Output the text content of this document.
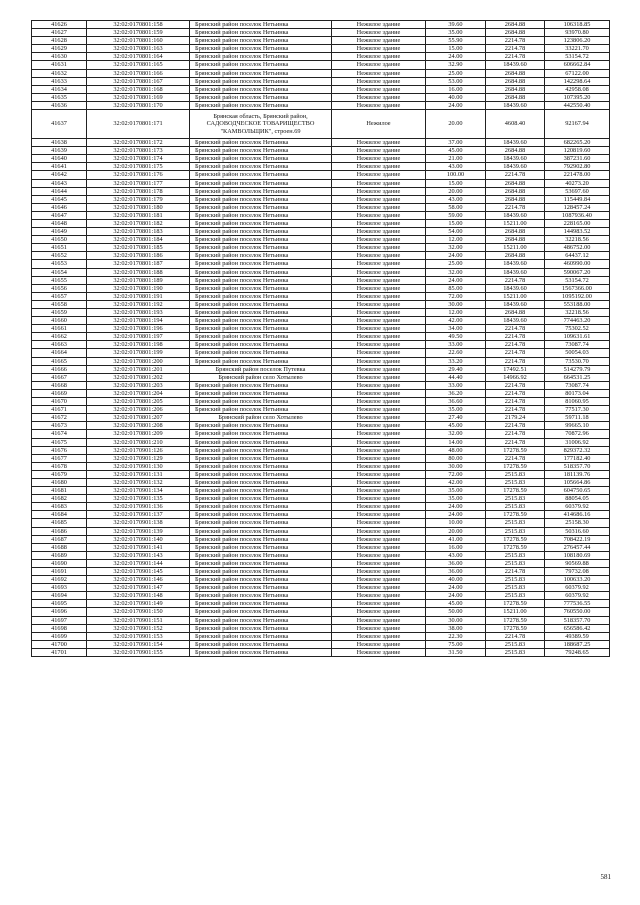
41626	32:02:0170801:158	Брянский район поселок Нетьинка	Нежилое здание	39.60	2684.88	106318.85
41627	32:02:0170801:159	Брянский район поселок Нетьинка	Нежилое здание	35.00	2684.88	93970.80
41628	32:02:0170801:160	Брянский район поселок Нетьинка	Нежилое здание	55.90	2214.78	123806.20
41629	32:02:0170801:163	Брянский район поселок Нетьинка	Нежилое здание	15.00	2214.78	33221.70
41630	32:02:0170801:164	Брянский район поселок Нетьинка	Нежилое здание	24.00	2214.78	53154.72
41631	32:02:0170801:165	Брянский район поселок Нетьинка	Нежилое здание	32.90	18439.60	606662.84
41632	32:02:0170801:166	Брянский район поселок Нетьинка	Нежилое здание	25.00	2684.88	67122.00
41633	32:02:0170801:167	Брянский район поселок Нетьинка	Нежилое здание	53.00	2684.88	142298.64
41634	32:02:0170801:168	Брянский район поселок Нетьинка	Нежилое здание	16.00	2684.88	42958.08
41635	32:02:0170801:169	Брянский район поселок Нетьинка	Нежилое здание	40.00	2684.88	107395.20
41636	32:02:0170801:170	Брянский район поселок Нетьинка	Нежилое здание	24.00	18439.60	442550.40
41637	32:02:0170801:171	Брянская область, Брянский район, САДОВОДЧЕСКОЕ ТОВАРИЩЕСТВО "КАМВОЛЬЩИК", строен.69	Нежилое	20.00	4608.40	92167.94
41638	32:02:0170801:172	Брянский район поселок Нетьинка	Нежилое здание	37.00	18439.60	682265.20
41639	32:02:0170801:173	Брянский район поселок Нетьинка	Нежилое здание	45.00	2684.88	120819.60
41640	32:02:0170801:174	Брянский район поселок Нетьинка	Нежилое здание	21.00	18439.60	387231.60
41641	32:02:0170801:175	Брянский район поселок Нетьинка	Нежилое здание	43.00	18439.60	792902.80
41642	32:02:0170801:176	Брянский район поселок Нетьинка	Нежилое здание	100.00	2214.78	221478.00
41643	32:02:0170801:177	Брянский район поселок Нетьинка	Нежилое здание	15.00	2684.88	40273.20
41644	32:02:0170801:178	Брянский район поселок Нетьинка	Нежилое здание	20.00	2684.88	53697.60
41645	32:02:0170801:179	Брянский район поселок Нетьинка	Нежилое здание	43.00	2684.88	115449.84
41646	32:02:0170801:180	Брянский район поселок Нетьинка	Нежилое здание	58.00	2214.78	128457.24
41647	32:02:0170801:181	Брянский район поселок Нетьинка	Нежилое здание	59.00	18439.60	1087936.40
41648	32:02:0170801:182	Брянский район поселок Нетьинка	Нежилое здание	15.00	15211.00	228165.00
41649	32:02:0170801:183	Брянский район поселок Нетьинка	Нежилое здание	54.00	2684.88	144983.52
41650	32:02:0170801:184	Брянский район поселок Нетьинка	Нежилое здание	12.00	2684.88	32218.56
41651	32:02:0170801:185	Брянский район поселок Нетьинка	Нежилое здание	32.00	15211.00	486752.00
41652	32:02:0170801:186	Брянский район поселок Нетьинка	Нежилое здание	24.00	2684.88	64437.12
41653	32:02:0170801:187	Брянский район поселок Нетьинка	Нежилое здание	25.00	18439.60	460990.00
41654	32:02:0170801:188	Брянский район поселок Нетьинка	Нежилое здание	32.00	18439.60	590067.20
41655	32:02:0170801:189	Брянский район поселок Нетьинка	Нежилое здание	24.00	2214.78	53154.72
41656	32:02:0170801:190	Брянский район поселок Нетьинка	Нежилое здание	85.00	18439.60	1567366.00
41657	32:02:0170801:191	Брянский район поселок Нетьинка	Нежилое здание	72.00	15211.00	1095192.00
41658	32:02:0170801:192	Брянский район поселок Нетьинка	Нежилое здание	30.00	18439.60	553188.00
41659	32:02:0170801:193	Брянский район поселок Нетьинка	Нежилое здание	12.00	2684.88	32218.56
41660	32:02:0170801:194	Брянский район поселок Нетьинка	Нежилое здание	42.00	18439.60	774463.20
41661	32:02:0170801:196	Брянский район поселок Нетьинка	Нежилое здание	34.00	2214.78	75302.52
41662	32:02:0170801:197	Брянский район поселок Нетьинка	Нежилое здание	49.50	2214.78	109631.61
41663	32:02:0170801:198	Брянский район поселок Нетьинка	Нежилое здание	33.00	2214.78	73087.74
41664	32:02:0170801:199	Брянский район поселок Нетьинка	Нежилое здание	22.60	2214.78	50054.03
41665	32:02:0170801:200	Брянский район поселок Нетьинка	Нежилое здание	33.20	2214.78	73530.70
41666	32:02:0170801:201	Брянский район поселок Путевка	Нежилое здание	29.40	17492.51	514279.79
41667	32:02:0170801:202	Брянский район село Хотылево	Нежилое здание	44.40	14966.92	664531.25
41668	32:02:0170801:203	Брянский район поселок Нетьинка	Нежилое здание	33.00	2214.78	73087.74
41669	32:02:0170801:204	Брянский район поселок Нетьинка	Нежилое здание	36.20	2214.78	80173.04
41670	32:02:0170801:205	Брянский район поселок Нетьинка	Нежилое здание	36.60	2214.78	81060.95
41671	32:02:0170801:206	Брянский район поселок Нетьинка	Нежилое здание	35.00	2214.78	77517.30
41672	32:02:0170801:207	Брянский район село Хотылево	Нежилое здание	27.40	2179.24	59711.18
41673	32:02:0170801:208	Брянский район поселок Нетьинка	Нежилое здание	45.00	2214.78	99665.10
41674	32:02:0170801:209	Брянский район поселок Нетьинка	Нежилое здание	32.00	2214.78	70872.96
41675	32:02:0170801:210	Брянский район поселок Нетьинка	Нежилое здание	14.00	2214.78	31006.92
41676	32:02:0170901:126	Брянский район поселок Нетьинка	Нежилое здание	48.00	17278.59	829372.32
41677	32:02:0170901:129	Брянский район поселок Нетьинка	Нежилое здание	80.00	2214.78	177182.40
41678	32:02:0170901:130	Брянский район поселок Нетьинка	Нежилое здание	30.00	17278.59	518357.70
41679	32:02:0170901:131	Брянский район поселок Нетьинка	Нежилое здание	72.00	2515.83	181139.76
41680	32:02:0170901:132	Брянский район поселок Нетьинка	Нежилое здание	42.00	2515.83	105664.86
41681	32:02:0170901:134	Брянский район поселок Нетьинка	Нежилое здание	35.00	17278.59	604750.65
41682	32:02:0170901:135	Брянский район поселок Нетьинка	Нежилое здание	35.00	2515.83	88054.05
41683	32:02:0170901:136	Брянский район поселок Нетьинка	Нежилое здание	24.00	2515.83	60379.92
41684	32:02:0170901:137	Брянский район поселок Нетьинка	Нежилое здание	24.00	17278.59	414686.16
41685	32:02:0170901:138	Брянский район поселок Нетьинка	Нежилое здание	10.00	2515.83	25158.30
41686	32:02:0170901:139	Брянский район поселок Нетьинка	Нежилое здание	20.00	2515.83	50316.60
41687	32:02:0170901:140	Брянский район поселок Нетьинка	Нежилое здание	41.00	17278.59	708422.19
41688	32:02:0170901:141	Брянский район поселок Нетьинка	Нежилое здание	16.00	17278.59	276457.44
41689	32:02:0170901:143	Брянский район поселок Нетьинка	Нежилое здание	43.00	2515.83	108180.69
41690	32:02:0170901:144	Брянский район поселок Нетьинка	Нежилое здание	36.00	2515.83	90569.88
41691	32:02:0170901:145	Брянский район поселок Нетьинка	Нежилое здание	36.00	2214.78	79732.08
41692	32:02:0170901:146	Брянский район поселок Нетьинка	Нежилое здание	40.00	2515.83	100633.20
41693	32:02:0170901:147	Брянский район поселок Нетьинка	Нежилое здание	24.00	2515.83	60379.92
41694	32:02:0170901:148	Брянский район поселок Нетьинка	Нежилое здание	24.00	2515.83	60379.92
41695	32:02:0170901:149	Брянский район поселок Нетьинка	Нежилое здание	45.00	17278.59	777536.55
41696	32:02:0170901:150	Брянский район поселок Нетьинка	Нежилое здание	50.00	15211.00	760550.00
41697	32:02:0170901:151	Брянский район поселок Нетьинка	Нежилое здание	30.00	17278.59	518357.70
41698	32:02:0170901:152	Брянский район поселок Нетьинка	Нежилое здание	38.00	17278.59	656586.42
41699	32:02:0170901:153	Брянский район поселок Нетьинка	Нежилое здание	22.30	2214.78	49389.59
41700	32:02:0170901:154	Брянский район поселок Нетьинка	Нежилое здание	75.00	2515.83	188687.25
41701	32:02:0170901:155	Брянский район поселок Нетьинка	Нежилое здание	31.50	2515.83	79248.65
581
